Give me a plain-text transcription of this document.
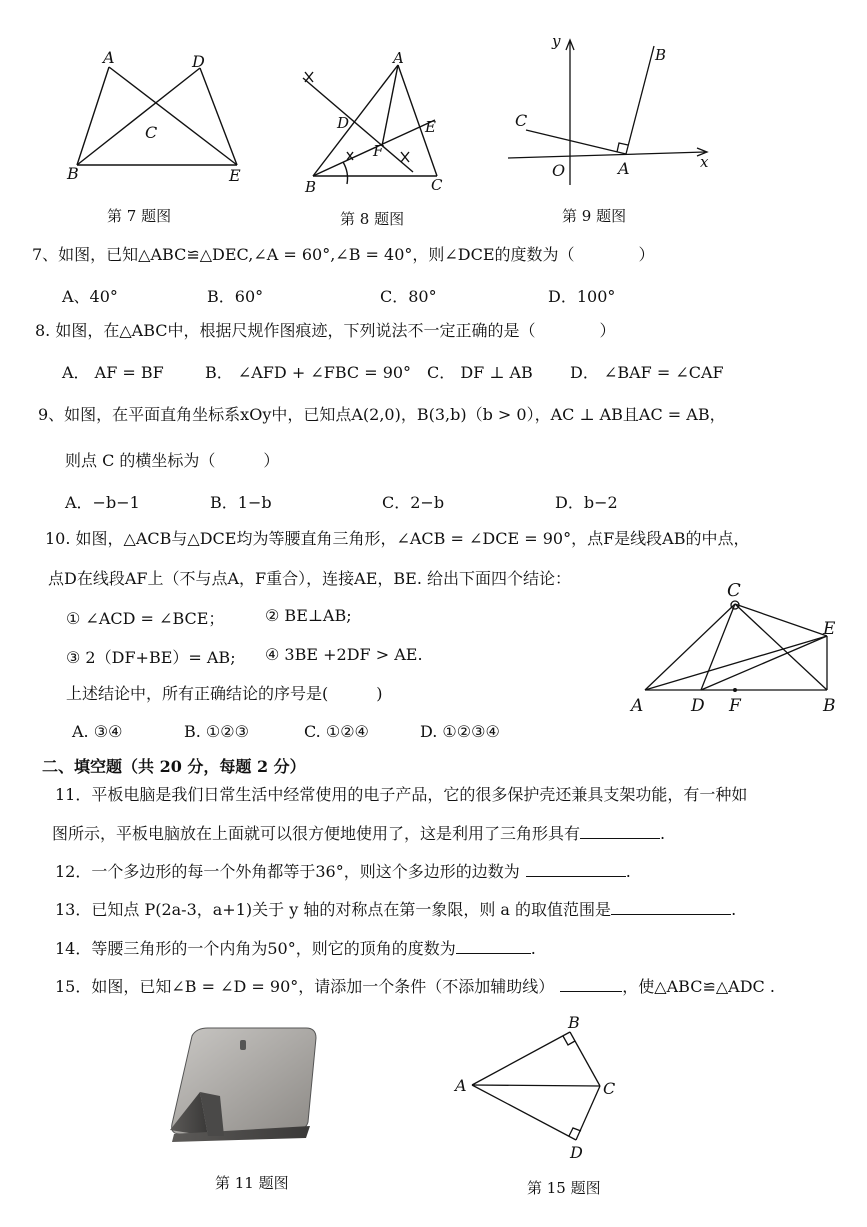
A	D
C
B	E
第 7 题图
A
D	E
F
B	C
第 8 题图
y
B
C
O	A	x
第 9 题图
7、如图，已知△ABC≌△DEC,∠A = 60°,∠B = 40°，则∠DCE的度数为（　　　　）
A、40°	B．60°	C．80°	D．100°
8. 如图，在△ABC中，根据尺规作图痕迹，下列说法不一定正确的是（　　　　）
A． AF = BF	B． ∠AFD + ∠FBC = 90° C． DF ⊥ AB D． ∠BAF = ∠CAF
9、如图，在平面直角坐标系xOy中，已知点A(2,0)，B(3,b)（b > 0），AC ⊥ AB且AC = AB，
则点 C 的横坐标为（　　　）
A．−b−1	B．1−b	C．2−b	D．b−2
10. 如图，△ACB与△DCE均为等腰直角三角形，∠ACB = ∠DCE = 90°，点F是线段AB的中点，
点D在线段AF上（不与点A，F重合），连接AE，BE. 给出下面四个结论：
① ∠ACD = ∠BCE；	② BE⊥AB;
③ 2（DF+BE）= AB; ④ 3BE +2DF > AE.
上述结论中，所有正确结论的序号是(　　　)
A. ③④	B. ①②③	C. ①②④	D. ①②③④
C
E
A	D F	B
二、填空题（共 20 分，每题 2 分）
11．平板电脑是我们日常生活中经常使用的电子产品，它的很多保护壳还兼具支架功能，有一种如
图所示，平板电脑放在上面就可以很方便地使用了，这是利用了三角形具有	.
12．一个多边形的每一个外角都等于36°，则这个多边形的边数为	.
13．已知点 P(2a-3，a+1)关于 y 轴的对称点在第一象限，则 a 的取值范围是	.
14．等腰三角形的一个内角为50°，则它的顶角的度数为	.
15．如图，已知∠B = ∠D = 90°，请添加一个条件（不添加辅助线）	，使△ABC≌△ADC .
第 11 题图
B
A	C
D
第 15 题图
